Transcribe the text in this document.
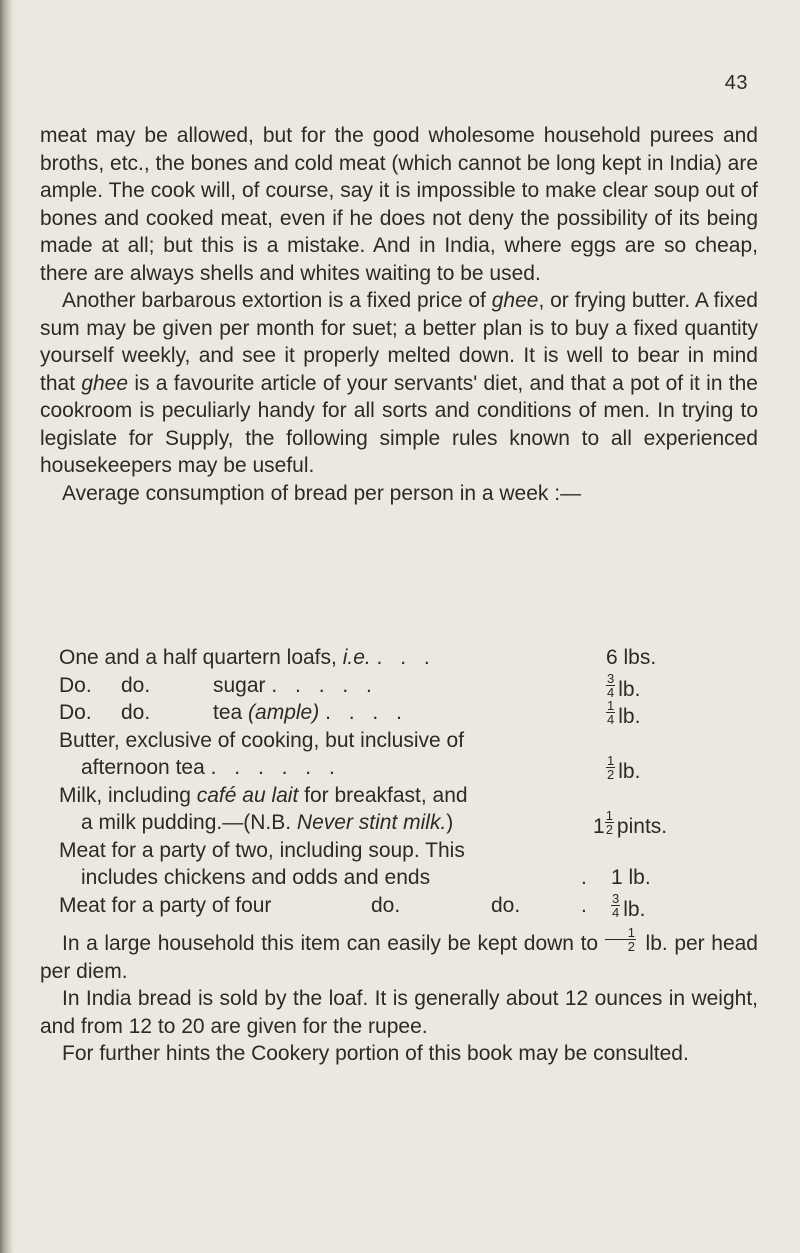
43

meat may be allowed, but for the good wholesome household purees and broths, etc., the bones and cold meat (which cannot be long kept in India) are ample. The cook will, of course, say it is impossible to make clear soup out of bones and cooked meat, even if he does not deny the possibility of its being made at all; but this is a mistake. And in India, where eggs are so cheap, there are always shells and whites waiting to be used.

Another barbarous extortion is a fixed price of ghee, or frying butter. A fixed sum may be given per month for suet; a better plan is to buy a fixed quantity yourself weekly, and see it properly melted down. It is well to bear in mind that ghee is a favourite article of your servants' diet, and that a pot of it in the cookroom is peculiarly handy for all sorts and conditions of men. In trying to legislate for Supply, the following simple rules known to all experienced housekeepers may be useful.

Average consumption of bread per person in a week :—

One and a half quartern loafs, i.e. . . .	6 lbs.
Do. do.	sugar . . . . .	$\frac{3}{4}$ lb.
Do. do.	tea (ample) . . . .	$\frac{1}{4}$ lb.
Butter, exclusive of cooking, but inclusive of
afternoon tea . . . . . .	$\frac{1}{2}$ lb.
Milk, including café au lait for breakfast, and
a milk pudding.—(N.B. Never stint milk.)	$1 \frac{1}{2}$ pints.
Meat for a party of two, including soup. This
includes chickens and odds and ends	. 1 lb.
Meat for a party of four	do.	do.	. $\frac{3}{4}$ lb.

In a large household this item can easily be kept down to $\frac{1}{2}$ lb. per head per diem.

In India bread is sold by the loaf. It is generally about 12 ounces in weight, and from 12 to 20 are given for the rupee.

For further hints the Cookery portion of this book may be consulted.
